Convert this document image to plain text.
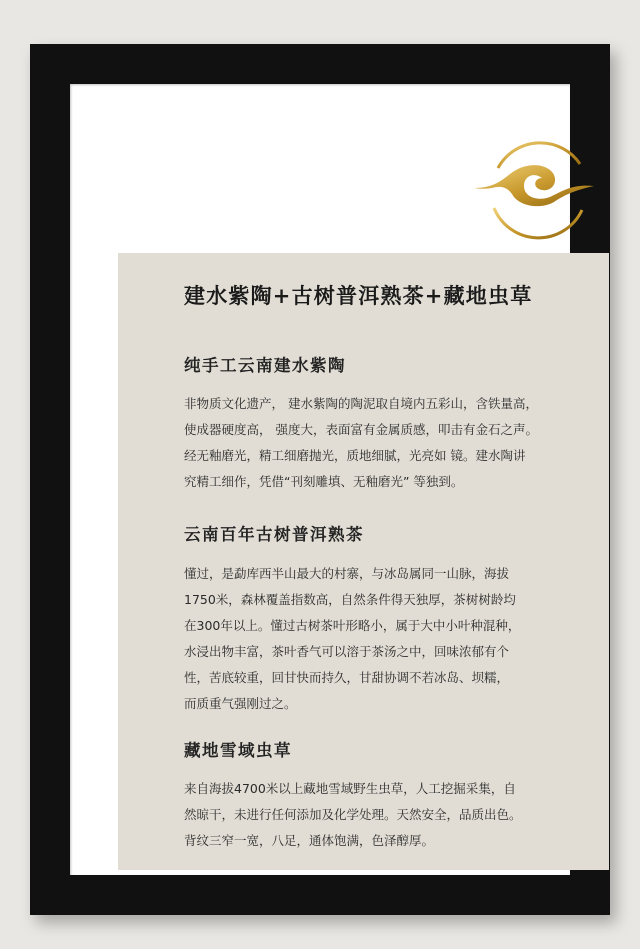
建水紫陶+古树普洱熟茶+藏地虫草
纯手工云南建水紫陶
非物质文化遗产， 建水紫陶的陶泥取自境内五彩山，含铁量高，
使成器硬度高， 强度大，表面富有金属质感，叩击有金石之声。
经无釉磨光，精工细磨抛光，质地细腻，光亮如 镜。建水陶讲
究精工细作，凭借“刊刻雕填、无釉磨光” 等独到。
云南百年古树普洱熟茶
懂过，是勐库西半山最大的村寨，与冰岛属同一山脉，海拔
1750米，森林覆盖指数高，自然条件得天独厚，茶树树龄均
在300年以上。懂过古树茶叶形略小，属于大中小叶种混种，
水浸出物丰富，茶叶香气可以溶于茶汤之中，回味浓郁有个
性，苦底较重，回甘快而持久，甘甜协调不若冰岛、坝糯，
而质重气强刚过之。
藏地雪域虫草
来自海拔4700米以上藏地雪域野生虫草，人工挖掘采集，自
然晾干，未进行任何添加及化学处理。天然安全，品质出色。
背纹三窄一宽，八足，通体饱满，色泽醇厚。
